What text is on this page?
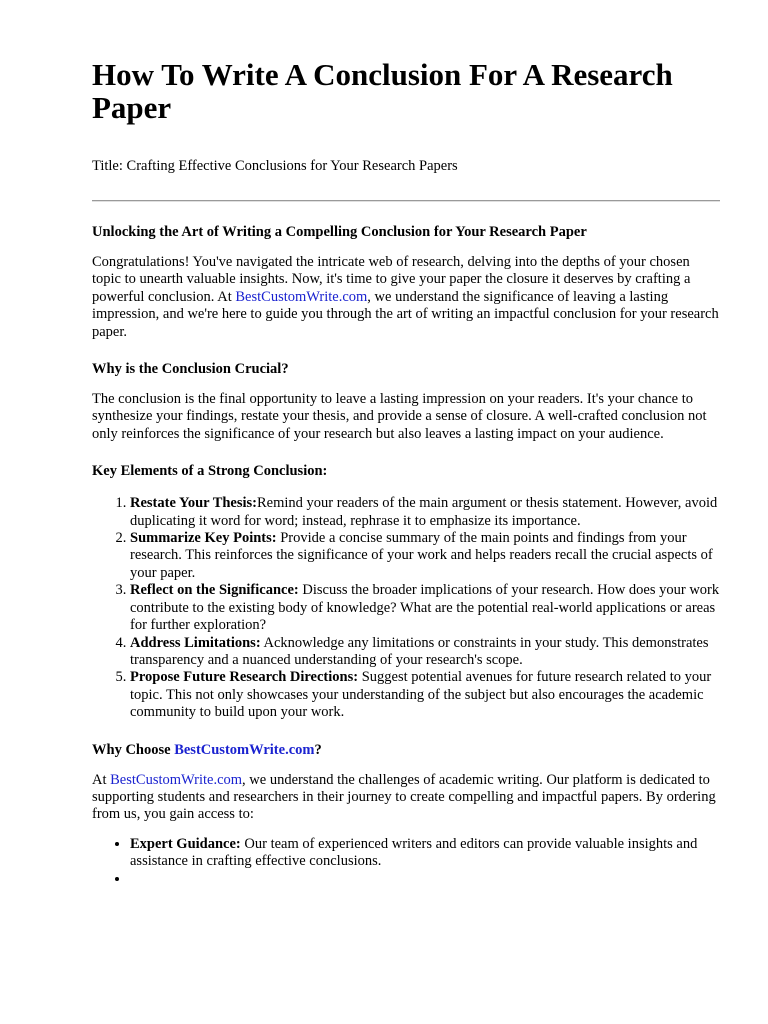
How To Write A Conclusion For A Research Paper
Title: Crafting Effective Conclusions for Your Research Papers
Unlocking the Art of Writing a Compelling Conclusion for Your Research Paper

Congratulations! You've navigated the intricate web of research, delving into the depths of your chosen topic to unearth valuable insights. Now, it's time to give your paper the closure it deserves by crafting a powerful conclusion. At BestCustomWrite.com, we understand the significance of leaving a lasting impression, and we're here to guide you through the art of writing an impactful conclusion for your research paper.

Why is the Conclusion Crucial?

The conclusion is the final opportunity to leave a lasting impression on your readers. It's your chance to synthesize your findings, restate your thesis, and provide a sense of closure. A well-crafted conclusion not only reinforces the significance of your research but also leaves a lasting impact on your audience.

Key Elements of a Strong Conclusion:
1. Restate Your Thesis:Remind your readers of the main argument or thesis statement. However, avoid duplicating it word for word; instead, rephrase it to emphasize its importance.
2. Summarize Key Points: Provide a concise summary of the main points and findings from your research. This reinforces the significance of your work and helps readers recall the crucial aspects of your paper.
3. Reflect on the Significance: Discuss the broader implications of your research. How does your work contribute to the existing body of knowledge? What are the potential real-world applications or areas for further exploration?
4. Address Limitations: Acknowledge any limitations or constraints in your study. This demonstrates transparency and a nuanced understanding of your research's scope.
5. Propose Future Research Directions: Suggest potential avenues for future research related to your topic. This not only showcases your understanding of the subject but also encourages the academic community to build upon your work.
Why Choose BestCustomWrite.com?

At BestCustomWrite.com, we understand the challenges of academic writing. Our platform is dedicated to supporting students and researchers in their journey to create compelling and impactful papers. By ordering from us, you gain access to:

• Expert Guidance: Our team of experienced writers and editors can provide valuable insights and assistance in crafting effective conclusions.
•
